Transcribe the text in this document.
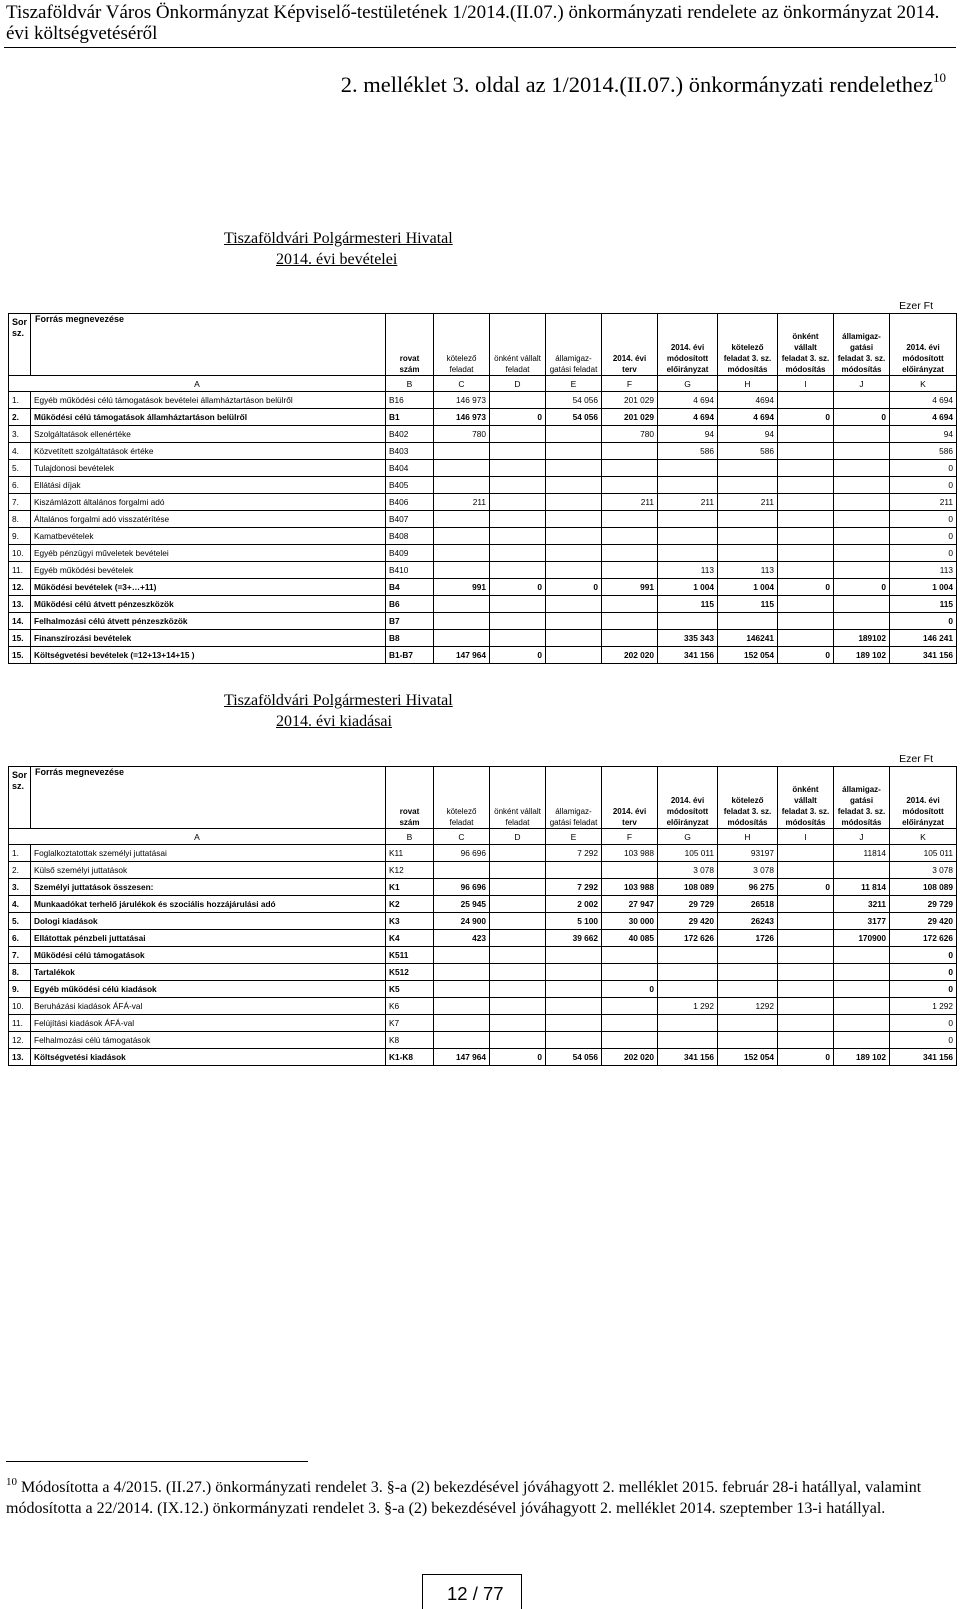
Tiszaföldvár Város Önkormányzat Képviselő-testületének 1/2014.(II.07.) önkormányzati rendelete az önkormányzat 2014. évi költségvetéséről
2. melléklet 3. oldal az 1/2014.(II.07.) önkormányzati rendelethez$^{10}$
Tiszaföldvári Polgármesteri Hivatal
2014. évi bevételei
Ezer Ft
Sor sz.	Forrás megnevezése	rovat szám	kötelező feladat	önként vállalt feladat	államigaz- gatási feladat	2014. évi terv	2014. évi módosított előirányzat	kötelező feladat 3. sz. módosítás	önként vállalt feladat 3. sz. módosítás	államigaz- gatási feladat 3. sz. módosítás	2014. évi módosított előirányzat
A		B	C	D	E	F	G	H	I	J	K
1.	Egyéb működési célú támogatások bevételei államháztartáson belülről	B16	146 973		54 056	201 029	4 694	4694			4 694
2.	Működési célú támogatások államháztartáson belülről	B1	146 973	0	54 056	201 029	4 694	4 694	0	0	4 694
3.	Szolgáltatások ellenértéke	B402	780			780	94	94			94
4.	Közvetített szolgáltatások értéke	B403					586	586			586
5.	Tulajdonosi bevételek	B404									0
6.	Ellátási díjak	B405									0
7.	Kiszámlázott általános forgalmi adó	B406	211			211	211	211			211
8.	Általános forgalmi adó visszatérítése	B407									0
9.	Kamatbevételek	B408									0
10.	Egyéb pénzügyi műveletek bevételei	B409									0
11.	Egyéb működési bevételek	B410					113	113			113
12.	Működési bevételek (=3+…+11)	B4	991	0	0	991	1 004	1 004	0	0	1 004
13.	Működési célú átvett pénzeszközök	B6					115	115			115
14.	Felhalmozási célú átvett pénzeszközök	B7									0
15.	Finanszírozási bevételek	B8					335 343	146241		189102	146 241
15.	Költségvetési bevételek (=12+13+14+15 )	B1-B7	147 964	0		202 020	341 156	152 054	0	189 102	341 156
Tiszaföldvári Polgármesteri Hivatal
2014. évi kiadásai
Ezer Ft
Sor sz.	Forrás megnevezése	rovat szám	kötelező feladat	önként vállalt feladat	államigaz- gatási feladat	2014. évi terv	2014. évi módosított előirányzat	kötelező feladat 3. sz. módosítás	önként vállalt feladat 3. sz. módosítás	államigaz- gatási feladat 3. sz. módosítás	2014. évi módosított előirányzat
A		B	C	D	E	F	G	H	I	J	K
1.	Foglalkoztatottak személyi juttatásai	K11	96 696		7 292	103 988	105 011	93197		11814	105 011
2.	Külső személyi juttatások	K12					3 078	3 078			3 078
3.	Személyi juttatások összesen:	K1	96 696		7 292	103 988	108 089	96 275	0	11 814	108 089
4.	Munkaadókat terhelő járulékok és szociális hozzájárulási adó	K2	25 945		2 002	27 947	29 729	26518		3211	29 729
5.	Dologi kiadások	K3	24 900		5 100	30 000	29 420	26243		3177	29 420
6.	Ellátottak pénzbeli juttatásai	K4	423		39 662	40 085	172 626	1726		170900	172 626
7.	Működési célú támogatások	K511									0
8.	Tartalékok	K512									0
9.	Egyéb működési célú kiadások	K5				0					0
10.	Beruházási kiadások ÁFÁ-val	K6					1 292	1292			1 292
11.	Felújítási kiadások ÁFÁ-val	K7									0
12.	Felhalmozási célú támogatások	K8									0
13.	Költségvetési kiadások	K1-K8	147 964	0	54 056	202 020	341 156	152 054	0	189 102	341 156
$^{10}$ Módosította a 4/2015. (II.27.) önkormányzati rendelet 3. §-a (2) bekezdésével jóváhagyott 2. melléklet 2015. február 28-i hatállyal, valamint módosította a 22/2014. (IX.12.) önkormányzati rendelet 3. §-a (2) bekezdésével jóváhagyott 2. melléklet 2014. szeptember 13-i hatállyal.
12 / 77
